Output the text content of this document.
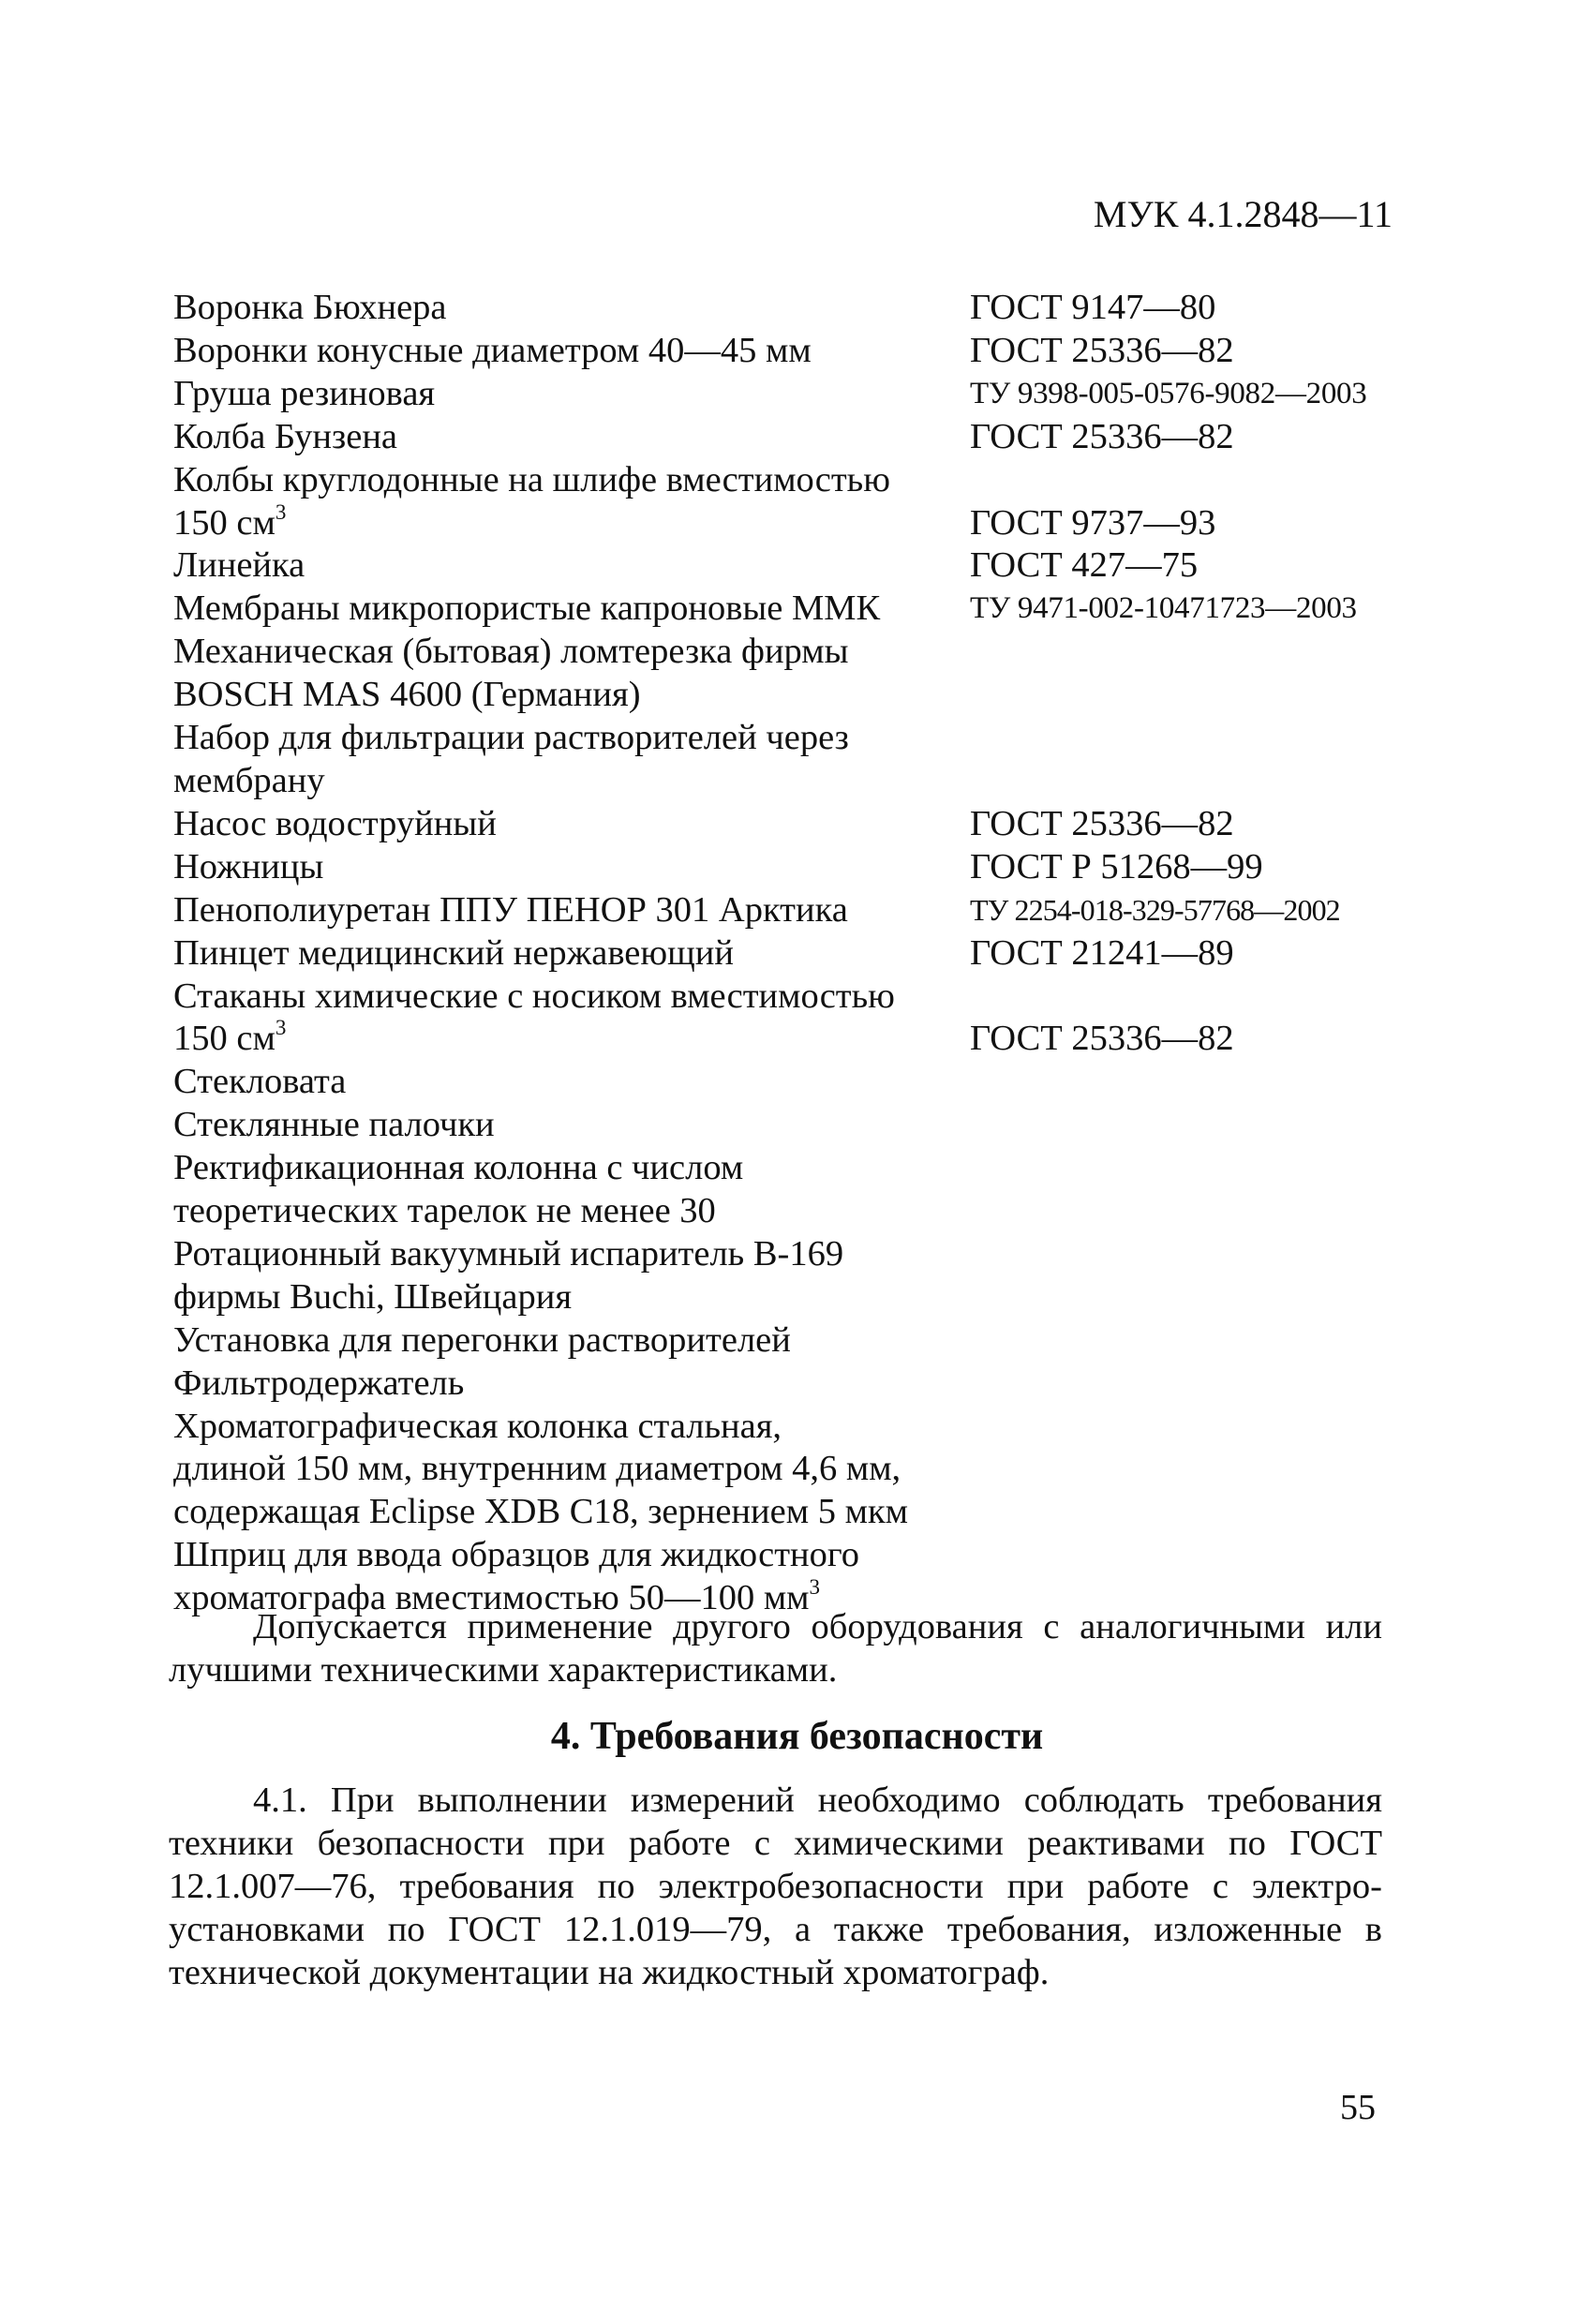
МУК 4.1.2848—11
Воронка Бюхнера	ГОСТ 9147—80
Воронки конусные диаметром 40—45 мм	ГОСТ 25336—82
Груша резиновая	ТУ 9398-005-0576-9082—2003
Колба Бунзена	ГОСТ 25336—82
Колбы круглодонные на шлифе вместимостью
150 $см^3$	ГОСТ 9737—93
Линейка	ГОСТ 427—75
Мембраны микропористые капроновые ММК	ТУ 9471-002-10471723—2003
Механическая (бытовая) ломтерезка фирмы
BOSCH MAS 4600 (Германия)
Набор для фильтрации растворителей через
мембрану
Насос водоструйный	ГОСТ 25336—82
Ножницы	ГОСТ Р 51268—99
Пенополиуретан ППУ ПЕНОР 301 Арктика	ТУ 2254-018-329-57768—2002
Пинцет медицинский нержавеющий	ГОСТ 21241—89
Стаканы химические с носиком вместимостью
150 $см^3$	ГОСТ 25336—82
Стекловата
Стеклянные палочки
Ректификационная колонна с числом
теоретических тарелок не менее 30
Ротационный вакуумный испаритель В-169
фирмы Buchi, Швейцария
Установка для перегонки растворителей
Фильтродержатель
Хроматографическая колонка стальная,
длиной 150 мм, внутренним диаметром 4,6 мм,
содержащая Eclipse XDB C18, зернением 5 мкм
Шприц для ввода образцов для жидкостного
хроматографа вместимостью 50—100 $мм^3$

Допускается применение другого оборудования с аналогичными или лучшими техническими характеристиками.

4. Требования безопасности

4.1. При выполнении измерений необходимо соблюдать требования техники безопасности при работе с химическими реактивами по ГОСТ 12.1.007—76, требования по электробезопасности при работе с электроустановками по ГОСТ 12.1.019—79, а также требования, изложенные в технической документации на жидкостный хроматограф.

55
